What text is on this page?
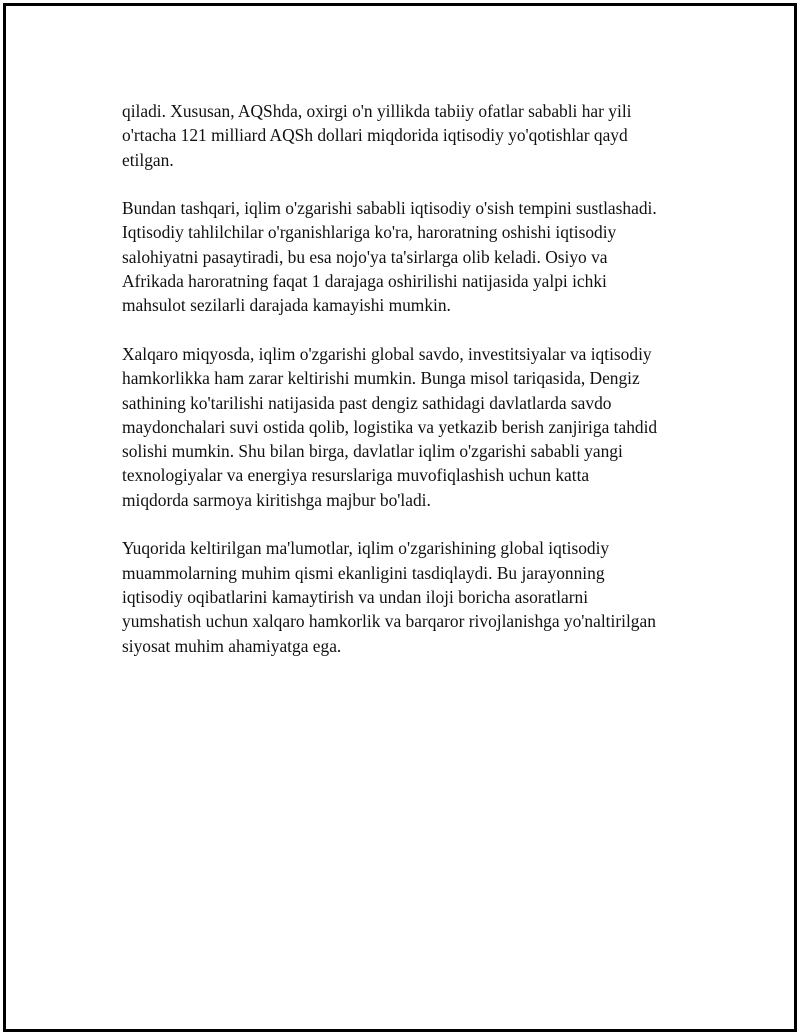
qiladi. Xususan, AQShda, oxirgi o'n yillikda tabiiy ofatlar sababli har yili
o'rtacha 121 milliard AQSh dollari miqdorida iqtisodiy yo'qotishlar qayd
etilgan.

Bundan tashqari, iqlim o'zgarishi sababli iqtisodiy o'sish tempini sustlashadi.
Iqtisodiy tahlilchilar o'rganishlariga ko'ra, haroratning oshishi iqtisodiy
salohiyatni pasaytiradi, bu esa nojo'ya ta'sirlarga olib keladi. Osiyo va
Afrikada haroratning faqat 1 darajaga oshirilishi natijasida yalpi ichki
mahsulot sezilarli darajada kamayishi mumkin.

Xalqaro miqyosda, iqlim o'zgarishi global savdo, investitsiyalar va iqtisodiy
hamkorlikka ham zarar keltirishi mumkin. Bunga misol tariqasida, Dengiz
sathining ko'tarilishi natijasida past dengiz sathidagi davlatlarda savdo
maydonchalari suvi ostida qolib, logistika va yetkazib berish zanjiriga tahdid
solishi mumkin. Shu bilan birga, davlatlar iqlim o'zgarishi sababli yangi
texnologiyalar va energiya resurslariga muvofiqlashish uchun katta
miqdorda sarmoya kiritishga majbur bo'ladi.

Yuqorida keltirilgan ma'lumotlar, iqlim o'zgarishining global iqtisodiy
muammolarning muhim qismi ekanligini tasdiqlaydi. Bu jarayonning
iqtisodiy oqibatlarini kamaytirish va undan iloji boricha asoratlarni
yumshatish uchun xalqaro hamkorlik va barqaror rivojlanishga yo'naltirilgan
siyosat muhim ahamiyatga ega.
